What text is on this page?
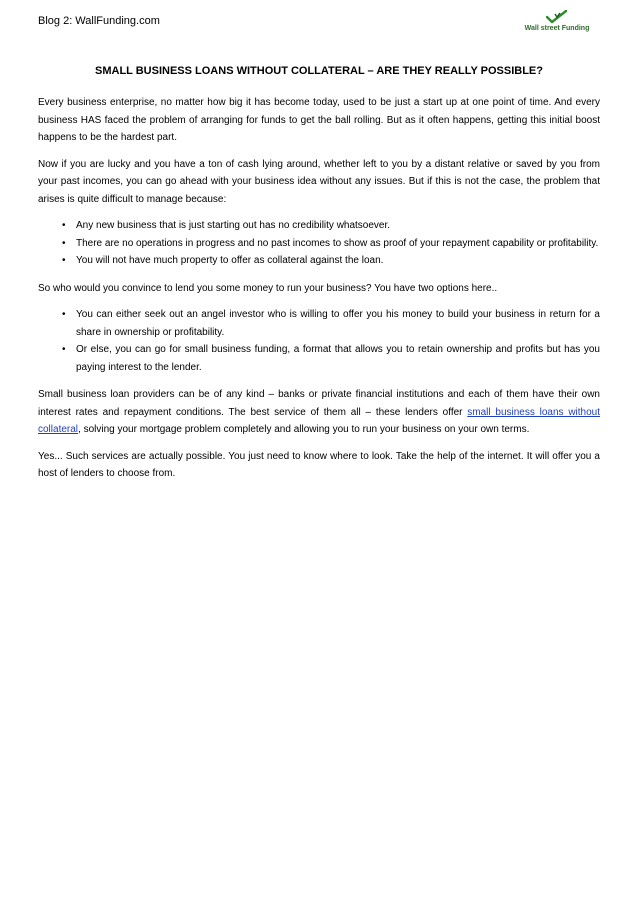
Blog 2: WallFunding.com
Wall street Funding
SMALL BUSINESS LOANS WITHOUT COLLATERAL – ARE THEY REALLY POSSIBLE?

Every business enterprise, no matter how big it has become today, used to be just a start up at one point of time. And every business HAS faced the problem of arranging for funds to get the ball rolling. But as it often happens, getting this initial boost happens to be the hardest part.

Now if you are lucky and you have a ton of cash lying around, whether left to you by a distant relative or saved by you from your past incomes, you can go ahead with your business idea without any issues. But if this is not the case, the problem that arises is quite difficult to manage because:

• Any new business that is just starting out has no credibility whatsoever.
• There are no operations in progress and no past incomes to show as proof of your repayment capability or profitability.
• You will not have much property to offer as collateral against the loan.

So who would you convince to lend you some money to run your business? You have two options here..

• You can either seek out an angel investor who is willing to offer you his money to build your business in return for a share in ownership or profitability.
• Or else, you can go for small business funding, a format that allows you to retain ownership and profits but has you paying interest to the lender.

Small business loan providers can be of any kind – banks or private financial institutions and each of them have their own interest rates and repayment conditions. The best service of them all – these lenders offer small business loans without collateral, solving your mortgage problem completely and allowing you to run your business on your own terms.

Yes... Such services are actually possible. You just need to know where to look. Take the help of the internet. It will offer you a host of lenders to choose from.
